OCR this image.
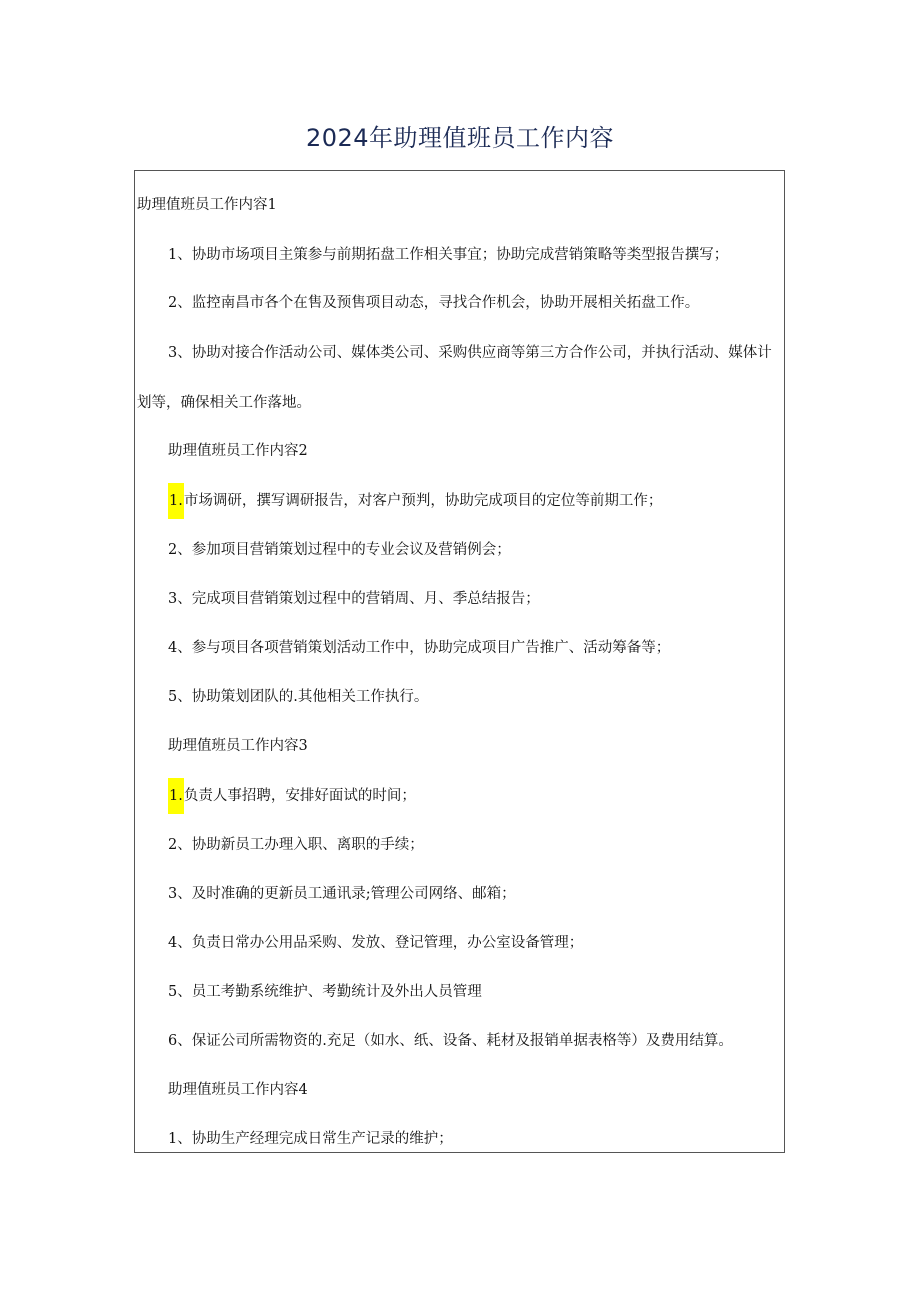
2024年助理值班员工作内容
助理值班员工作内容1
1、协助市场项目主策参与前期拓盘工作相关事宜；协助完成营销策略等类型报告撰写；
2、监控南昌市各个在售及预售项目动态，寻找合作机会，协助开展相关拓盘工作。
3、协助对接合作活动公司、媒体类公司、采购供应商等第三方合作公司，并执行活动、媒体计
划等，确保相关工作落地。
助理值班员工作内容2
1.市场调研，撰写调研报告，对客户预判，协助完成项目的定位等前期工作；
2、参加项目营销策划过程中的专业会议及营销例会；
3、完成项目营销策划过程中的营销周、月、季总结报告；
4、参与项目各项营销策划活动工作中，协助完成项目广告推广、活动筹备等；
5、协助策划团队的.其他相关工作执行。
助理值班员工作内容3
1.负责人事招聘，安排好面试的时间；
2、协助新员工办理入职、离职的手续；
3、及时准确的更新员工通讯录;管理公司网络、邮箱；
4、负责日常办公用品采购、发放、登记管理，办公室设备管理；
5、员工考勤系统维护、考勤统计及外出人员管理
6、保证公司所需物资的.充足（如水、纸、设备、耗材及报销单据表格等）及费用结算。
助理值班员工作内容4
1、协助生产经理完成日常生产记录的维护；
